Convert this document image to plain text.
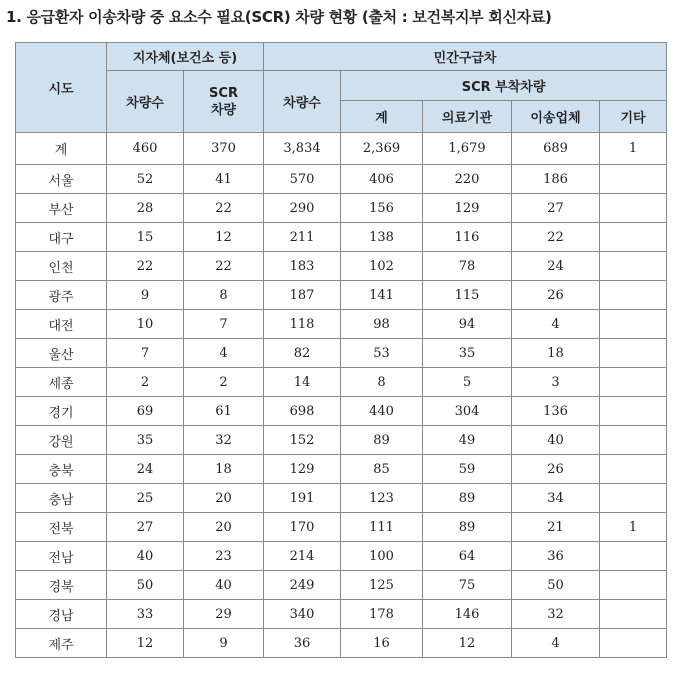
1. 응급환자 이송차량 중 요소수 필요(SCR) 차량 현황 (출처 : 보건복지부 회신자료)
시도	지자체(보건소 등)		민간구급차				
	차량수	SCR
차량	차량수	SCR 부착차량			
				계	의료기관	이송업체	기타
계	460	370	3,834	2,369	1,679	689	1
서울	52	41	570	406	220	186	
부산	28	22	290	156	129	27	
대구	15	12	211	138	116	22	
인천	22	22	183	102	78	24	
광주	9	8	187	141	115	26	
대전	10	7	118	98	94	4	
울산	7	4	82	53	35	18	
세종	2	2	14	8	5	3	
경기	69	61	698	440	304	136	
강원	35	32	152	89	49	40	
충북	24	18	129	85	59	26	
충남	25	20	191	123	89	34	
전북	27	20	170	111	89	21	1
전남	40	23	214	100	64	36	
경북	50	40	249	125	75	50	
경남	33	29	340	178	146	32	
제주	12	9	36	16	12	4	
